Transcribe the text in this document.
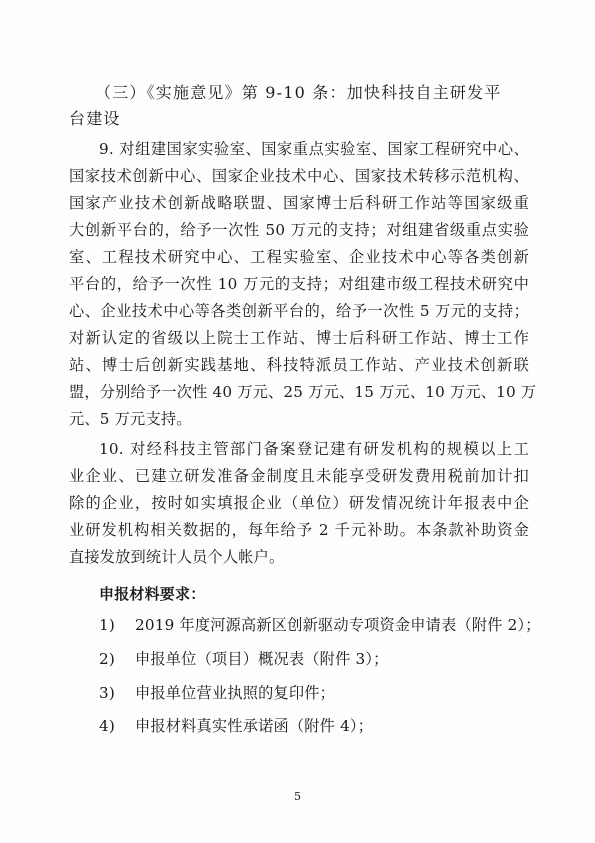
（三）《实施意见》第 9-10 条：加快科技自主研发平
台建设
9. 对组建国家实验室、国家重点实验室、国家工程研究中心、
国家技术创新中心、国家企业技术中心、国家技术转移示范机构、
国家产业技术创新战略联盟、国家博士后科研工作站等国家级重
大创新平台的，给予一次性 50 万元的支持；对组建省级重点实验
室、工程技术研究中心、工程实验室、企业技术中心等各类创新
平台的，给予一次性 10 万元的支持；对组建市级工程技术研究中
心、企业技术中心等各类创新平台的，给予一次性 5 万元的支持；
对新认定的省级以上院士工作站、博士后科研工作站、博士工作
站、博士后创新实践基地、科技特派员工作站、产业技术创新联
盟，分别给予一次性 40 万元、25 万元、15 万元、10 万元、10 万
元、5 万元支持。
10. 对经科技主管部门备案登记建有研发机构的规模以上工
业企业、已建立研发准备金制度且未能享受研发费用税前加计扣
除的企业，按时如实填报企业（单位）研发情况统计年报表中企
业研发机构相关数据的，每年给予 2 千元补助。本条款补助资金
直接发放到统计人员个人帐户。
申报材料要求：
1) 2019 年度河源高新区创新驱动专项资金申请表（附件 2）；
2) 申报单位（项目）概况表（附件 3）；
3) 申报单位营业执照的复印件；
4) 申报材料真实性承诺函（附件 4）；
5
